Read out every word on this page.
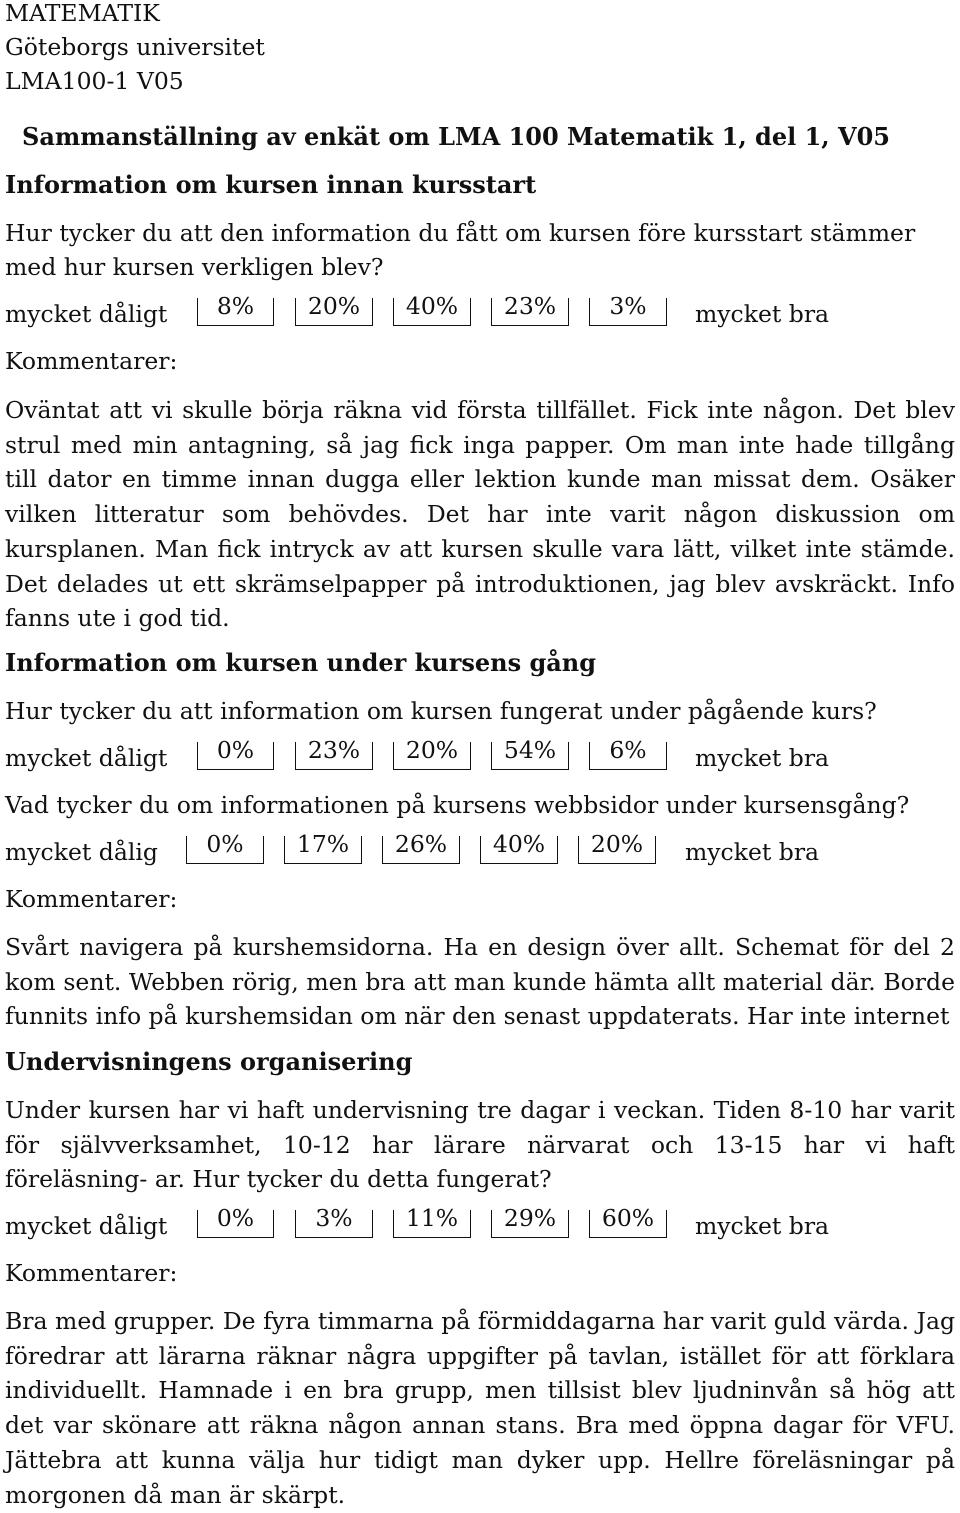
MATEMATIK
Göteborgs universitet
LMA100-1 V05
Sammanställning av enkät om LMA 100 Matematik 1, del 1, V05
Information om kursen innan kursstart
Hur tycker du att den information du fått om kursen före kursstart stämmer
med hur kursen verkligen blev?
mycket dåligt	8%	20%	40%	23%	3%	mycket bra
Kommentarer:
Oväntat att vi skulle börja räkna vid första tillfället. Fick inte någon. Det blev strul med min antagning, så jag fick inga papper. Om man inte hade tillgång till dator en timme innan dugga eller lektion kunde man missat dem. Osäker vilken litteratur som behövdes. Det har inte varit någon diskussion om kursplanen. Man fick intryck av att kursen skulle vara lätt, vilket inte stämde. Det delades ut ett skrämselpapper på introduktionen, jag blev avskräckt. Info fanns ute i god tid.
Information om kursen under kursens gång
Hur tycker du att information om kursen fungerat under pågående kurs?
mycket dåligt	0%	23%	20%	54%	6%	mycket bra
Vad tycker du om informationen på kursens webbsidor under kursensgång?
mycket dålig	0%	17%	26%	40%	20%	mycket bra
Kommentarer:
Svårt navigera på kurshemsidorna. Ha en design över allt. Schemat för del 2 kom sent. Webben rörig, men bra att man kunde hämta allt material där. Borde funnits info på kurshemsidan om när den senast uppdaterats. Har inte internet
Undervisningens organisering
Under kursen har vi haft undervisning tre dagar i veckan. Tiden 8-10 har varit för självverksamhet, 10-12 har lärare närvarat och 13-15 har vi haft föreläsning- ar. Hur tycker du detta fungerat?
mycket dåligt	0%	3%	11%	29%	60%	mycket bra
Kommentarer:
Bra med grupper. De fyra timmarna på förmiddagarna har varit guld värda. Jag föredrar att lärarna räknar några uppgifter på tavlan, istället för att förklara individuellt. Hamnade i en bra grupp, men tillsist blev ljudninvån så hög att det var skönare att räkna någon annan stans. Bra med öppna dagar för VFU. Jättebra att kunna välja hur tidigt man dyker upp. Hellre föreläsningar på morgonen då man är skärpt.
